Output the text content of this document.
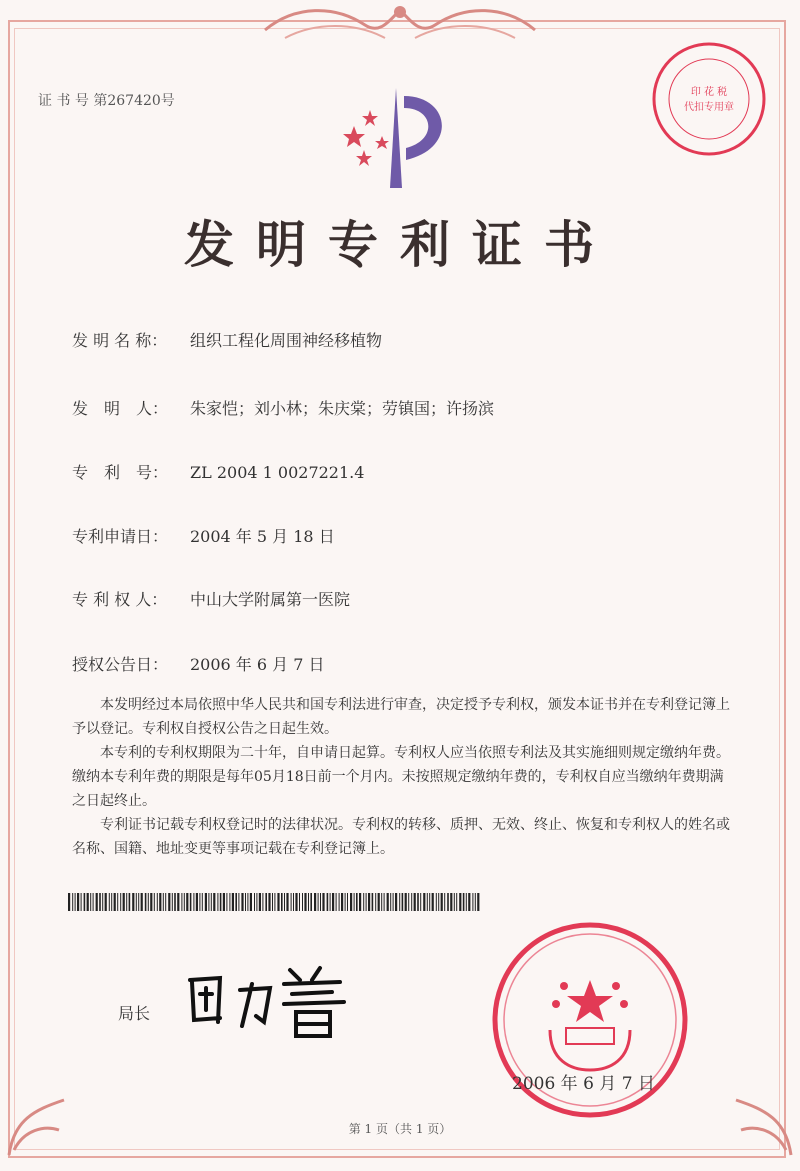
证 书 号 第267420号
印 花 税
代扣专用章
发明专利证书
发 明 名 称： 组织工程化周围神经移植物
发　明　人： 朱家恺；刘小林；朱庆棠；劳镇国；许扬滨
专　利　号： ZL 2004 1 0027221.4
专利申请日： 2004 年 5 月 18 日
专 利 权 人： 中山大学附属第一医院
授权公告日： 2006 年 6 月 7 日

本发明经过本局依照中华人民共和国专利法进行审查，决定授予专利权，颁发本证书并在专利登记簿上予以登记。专利权自授权公告之日起生效。

本专利的专利权期限为二十年，自申请日起算。专利权人应当依照专利法及其实施细则规定缴纳年费。缴纳本专利年费的期限是每年05月18日前一个月内。未按照规定缴纳年费的，专利权自应当缴纳年费期满之日起终止。

专利证书记载专利权登记时的法律状况。专利权的转移、质押、无效、终止、恢复和专利权人的姓名或名称、国籍、地址变更等事项记载在专利登记簿上。

局长
2006 年 6 月 7 日
第 1 页（共 1 页）
